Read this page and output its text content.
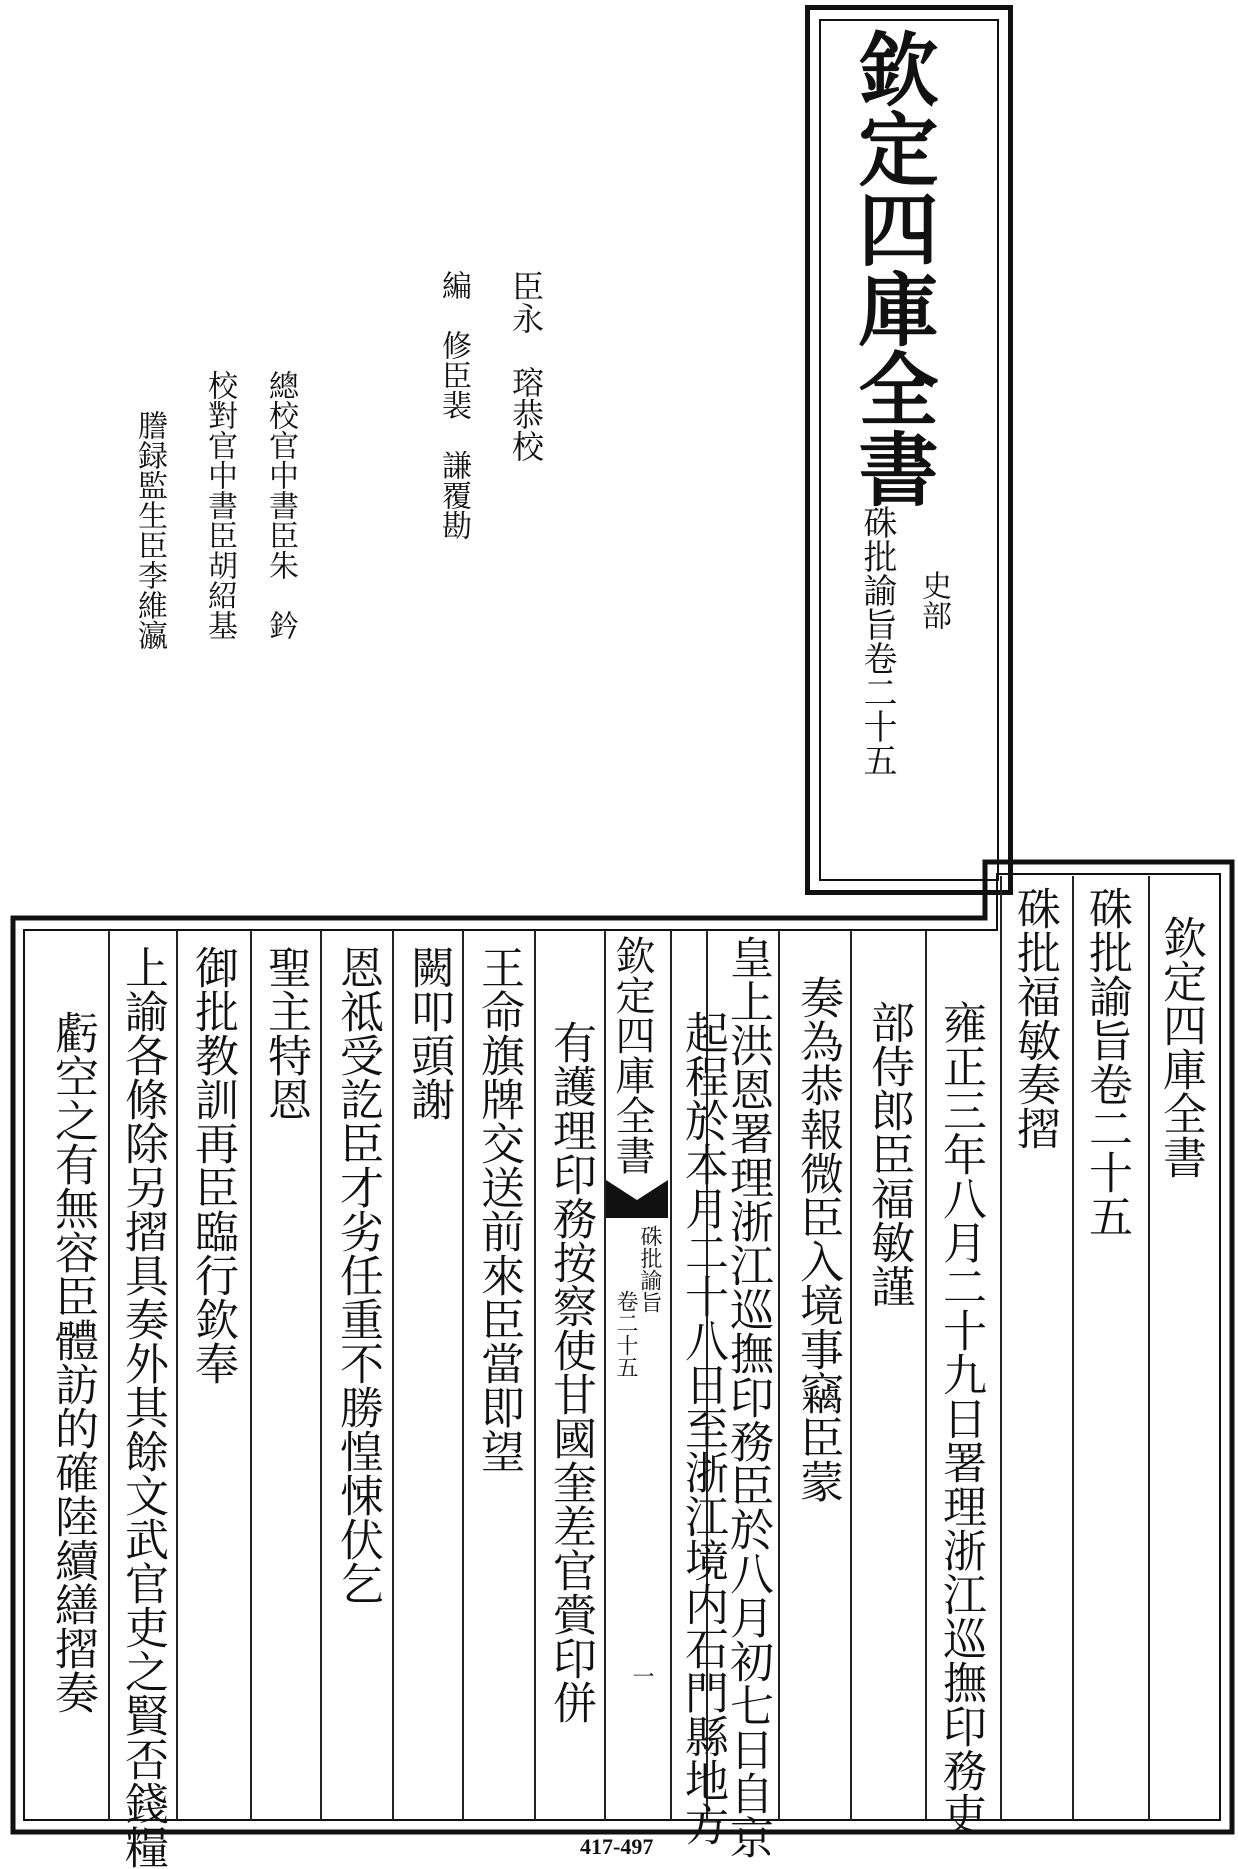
欽定四庫全書
硃批諭旨卷二十五 史部
臣永　瑢恭校
編　修臣裴　謙覆勘
總校官中書臣朱　鈐
校對官中書臣胡紹基
謄録監生臣李維瀛
欽定四庫全書
硃批諭旨卷二十五
硃批福敏奏摺
雍正三年八月二十九日署理浙江巡撫印務吏
部侍郎臣福敏謹
奏為恭報微臣入境事竊臣蒙
皇上洪恩署理浙江巡撫印務臣於八月初七日自京
欽定四庫全書
硃批諭旨
卷二十五
一 起程於本月二十八日至浙江境内石門縣地方
有護理印務按察使甘國奎差官賫印併
王命旗牌交送前來臣當即望
闕叩頭謝
恩祗受訖臣才劣任重不勝惶悚伏乞
聖主特恩
御批教訓再臣臨行欽奉
上諭各條除另摺具奏外其餘文武官吏之賢否錢糧
虧空之有無容臣體訪的確陸續繕摺奏
417-497
